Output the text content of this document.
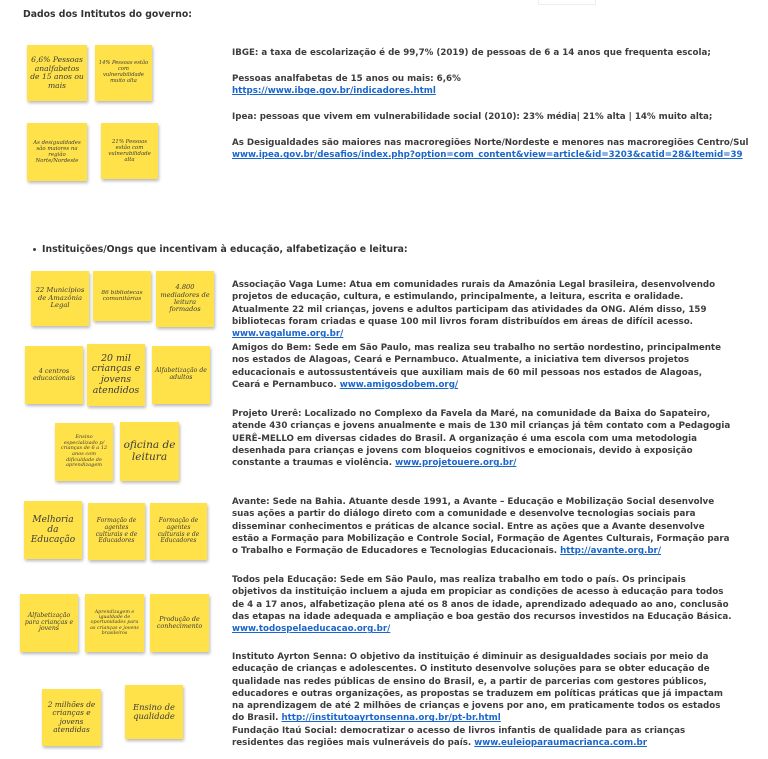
Dados dos Intitutos do governo:
6,6% Pessoas analfabetos de 15 anos ou mais
14% Pessoas estão com vulnerabilidade muito alta
As desigualdades são maiores na região Norte/Nordeste
21% Pessoas estão com vulnerabilidade alta

IBGE: a taxa de escolarização é de 99,7% (2019) de pessoas de 6 a 14 anos que frequenta escola;

Pessoas analfabetas de 15 anos ou mais: 6,6%

https://www.ibge.gov.br/indicadores.html

Ipea: pessoas que vivem em vulnerabilidade social (2010): 23% média| 21% alta | 14% muito alta;

As Desigualdades são maiores nas macroregiões Norte/Nordeste e menores nas macroregiões Centro/Sul

www.ipea.gov.br/desafios/index.php?option=com_content&view=article&id=3203&catid=28&Itemid=39
Instituições/Ongs que incentivam à educação, alfabetização e leitura:
22 Municípios de Amazônia Legal
86 bibliotecas comunitárias
4.800 mediadores de leitura formados
4 centros educacionais
20 mil crianças e jovens atendidos
Alfabetização de adultos
Ensino especializado p/ crianças de 6 a 12 anos com dificuldade de aprendizagem
oficina de leitura
Melhoria da Educação
Formação de agentes culturais e de Educadores
Formação de agentes culturais e de Educadores
Alfabetização para crianças e jovens
Aprendizagem e igualdade de oportunidades para as crianças e jovens brasileiros
Produção de conhecimento
2 milhões de crianças e jovens atendidas
Ensino de qualidade

Associação Vaga Lume: Atua em comunidades rurais da Amazônia Legal brasileira, desenvolvendo projetos de educação, cultura, e estimulando, principalmente, a leitura, escrita e oralidade. Atualmente 22 mil crianças, jovens e adultos participam das atividades da ONG. Além disso, 159 bibliotecas foram criadas e quase 100 mil livros foram distribuídos em áreas de difícil acesso. www.vagalume.org.br/

Amigos do Bem: Sede em São Paulo, mas realiza seu trabalho no sertão nordestino, principalmente nos estados de Alagoas, Ceará e Pernambuco. Atualmente, a iniciativa tem diversos projetos educacionais e autossustentáveis que auxiliam mais de 60 mil pessoas nos estados de Alagoas, Ceará e Pernambuco. www.amigosdobem.org/

Projeto Urerê: Localizado no Complexo da Favela da Maré, na comunidade da Baixa do Sapateiro, atende 430 crianças e jovens anualmente e mais de 130 mil crianças já têm contato com a Pedagogia UERÊ-MELLO em diversas cidades do Brasil. A organização é uma escola com uma metodologia desenhada para crianças e jovens com bloqueios cognitivos e emocionais, devido à exposição constante a traumas e violência. www.projetouere.org.br/

Avante: Sede na Bahia. Atuante desde 1991, a Avante – Educação e Mobilização Social desenvolve suas ações a partir do diálogo direto com a comunidade e desenvolve tecnologias sociais para disseminar conhecimentos e práticas de alcance social. Entre as ações que a Avante desenvolve estão a Formação para Mobilização e Controle Social, Formação de Agentes Culturais, Formação para o Trabalho e Formação de Educadores e Tecnologias Educacionais. http://avante.org.br/

Todos pela Educação: Sede em São Paulo, mas realiza trabalho em todo o país. Os principais objetivos da instituição incluem a ajuda em propiciar as condições de acesso à educação para todos de 4 a 17 anos, alfabetização plena até os 8 anos de idade, aprendizado adequado ao ano, conclusão das etapas na idade adequada e ampliação e boa gestão dos recursos investidos na Educação Básica. www.todospelaeducacao.org.br/

Instituto Ayrton Senna: O objetivo da instituição é diminuir as desigualdades sociais por meio da educação de crianças e adolescentes. O instituto desenvolve soluções para se obter educação de qualidade nas redes públicas de ensino do Brasil, e, a partir de parcerias com gestores públicos, educadores e outras organizações, as propostas se traduzem em políticas práticas que já impactam na aprendizagem de até 2 milhões de crianças e jovens por ano, em praticamente todos os estados do Brasil. http://institutoayrtonsenna.org.br/pt-br.html

Fundação Itaú Social: democratizar o acesso de livros infantis de qualidade para as crianças residentes das regiões mais vulneráveis do país. www.eulеioparaumacrianca.com.br
